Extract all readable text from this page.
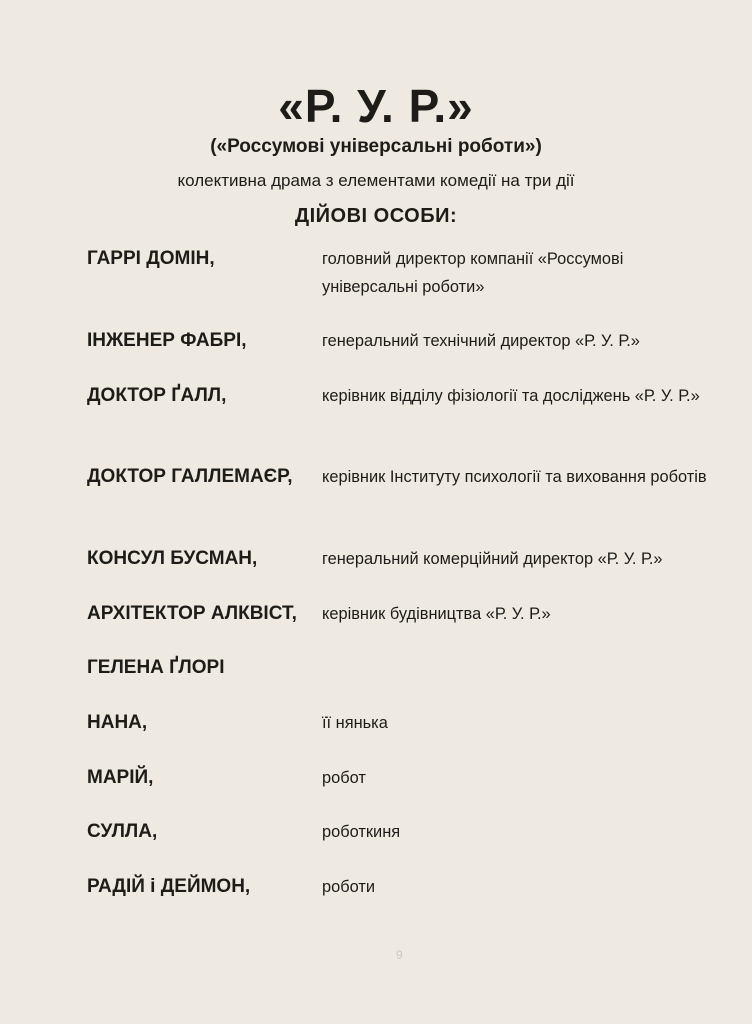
«Р. У. Р.»
(«Россумові універсальні роботи»)
колективна драма з елементами комедії на три дії
ДІЙОВІ ОСОБИ:
ГАРРІ ДОМІН,	головний директор компанії «Россумові універсальні роботи»
ІНЖЕНЕР ФАБРІ,	генеральний технічний директор «Р. У. Р.»
ДОКТОР ҐАЛЛ,	керівник відділу фізіології та досліджень «Р. У. Р.»
ДОКТОР ГАЛЛЕМАЄР, керівник Інституту психології та виховання роботів
КОНСУЛ БУСМАН,	генеральний комерційний директор «Р. У. Р.»
АРХІТЕКТОР АЛКВІСТ, керівник будівництва «Р. У. Р.»
ГЕЛЕНА ҐЛОРІ
НАНА,	її нянька
МАРІЙ,	робот
СУЛЛА,	роботкиня
РАДІЙ і ДЕЙМОН,	роботи
9
